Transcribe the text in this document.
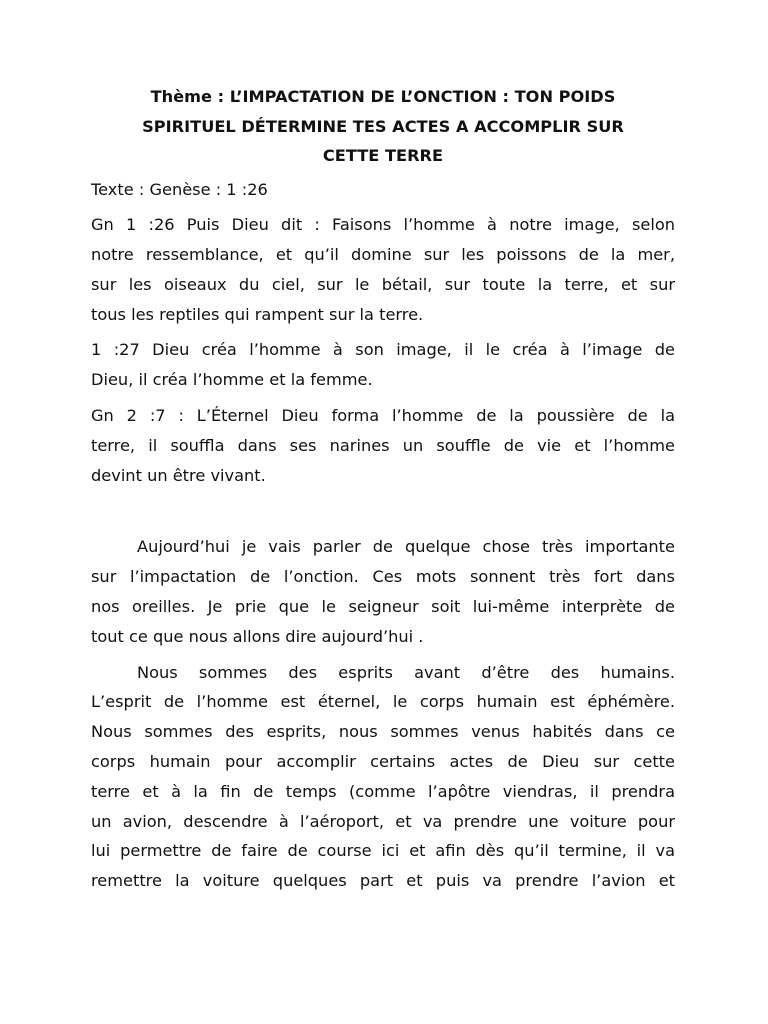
Thème : L’IMPACTATION DE L’ONCTION : TON POIDS
SPIRITUEL DÉTERMINE TES ACTES A ACCOMPLIR SUR
CETTE TERRE

Texte : Genèse : 1 :26

Gn 1 :26 Puis Dieu dit : Faisons l’homme à notre image, selon
notre ressemblance, et qu’il domine sur les poissons de la mer,
sur les oiseaux du ciel, sur le bétail, sur toute la terre, et sur
tous les reptiles qui rampent sur la terre.

1 :27 Dieu créa l’homme à son image, il le créa à l’image de
Dieu, il créa l’homme et la femme.

Gn 2 :7 : L’Éternel Dieu forma l’homme de la poussière de la
terre, il souffla dans ses narines un souffle de vie et l’homme
devint un être vivant.

Aujourd’hui je vais parler de quelque chose très importante
sur l’impactation de l’onction. Ces mots sonnent très fort dans
nos oreilles. Je prie que le seigneur soit lui-même interprète de
tout ce que nous allons dire aujourd’hui .

Nous sommes des esprits avant d’être des humains.
L’esprit de l’homme est éternel, le corps humain est éphémère.
Nous sommes des esprits, nous sommes venus habités dans ce
corps humain pour accomplir certains actes de Dieu sur cette
terre et à la fin de temps (comme l’apôtre viendras, il prendra
un avion, descendre à l’aéroport, et va prendre une voiture pour
lui permettre de faire de course ici et afin dès qu’il termine, il va
remettre la voiture quelques part et puis va prendre l’avion et
